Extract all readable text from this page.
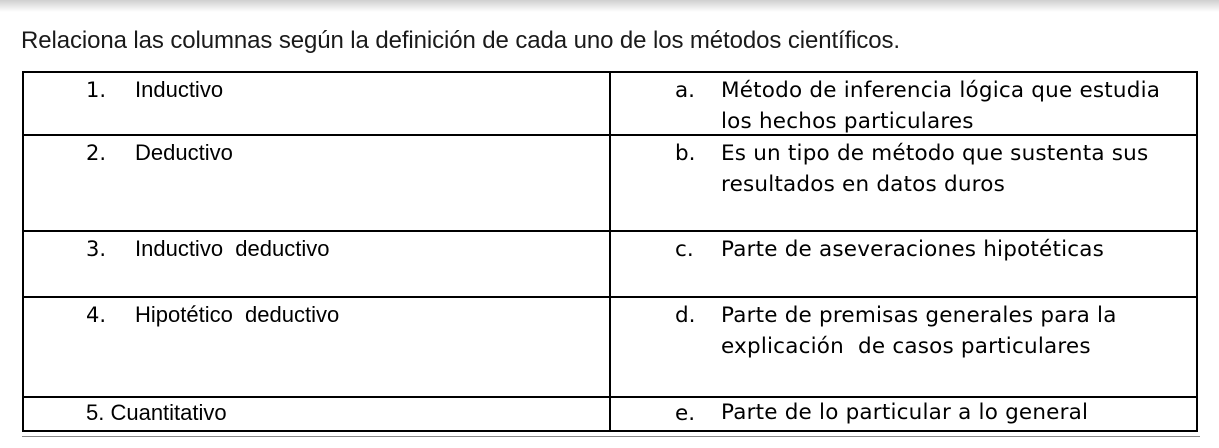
Relaciona las columnas según la definición de cada uno de los métodos científicos.
1. Inductivo	a. Método de inferencia lógica que estudia los hechos particulares
2. Deductivo	b. Es un tipo de método que sustenta sus resultados en datos duros
3. Inductivo  deductivo	c. Parte de aseveraciones hipotéticas
4. Hipotético  deductivo	d. Parte de premisas generales para la explicación  de casos particulares
5. Cuantitativo	e. Parte de lo particular a lo general
